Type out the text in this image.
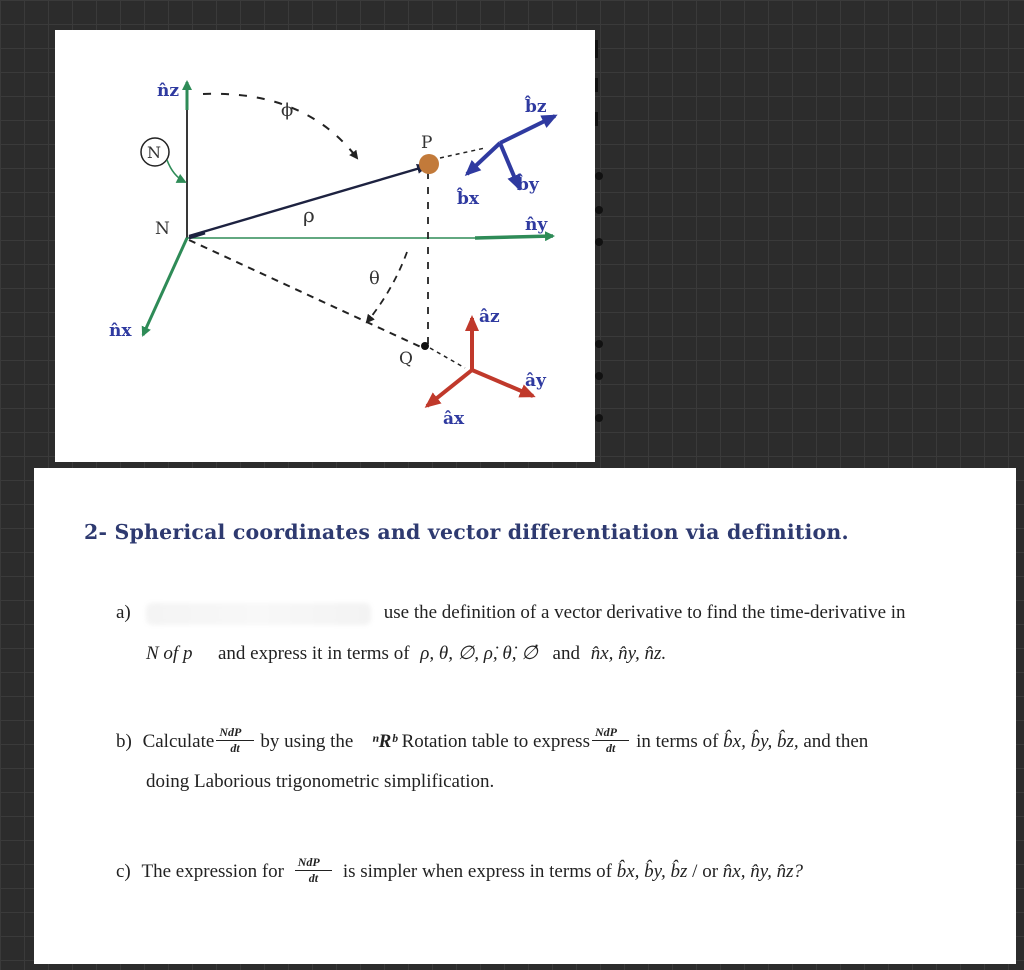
n̂z
n̂x
n̂y
b̂z
b̂x
b̂y
âz
ây
âx
N
N
ϕ
ρ
θ
P
Q
2- Spherical coordinates and vector differentiation via definition.
a)	use the definition of a vector derivative to find the time-derivative in
N of p⃗ and express it in terms of ρ, θ, ∅, ρ̇, θ̇, ∅̇ and n̂x, n̂y, n̂z.
b) Calculate $\frac{\text{NdP⃗}}{dt}$ by using the ⁿRᵇ Rotation table to express $\frac{\text{NdP⃗}}{dt}$ in terms of b̂x, b̂y, b̂z, and then
doing Laborious trigonometric simplification.
c) The expression for $\frac{\text{NdP⃗}}{dt}$ is simpler when express in terms of b̂x, b̂y, b̂z / or n̂x, n̂y, n̂z?
